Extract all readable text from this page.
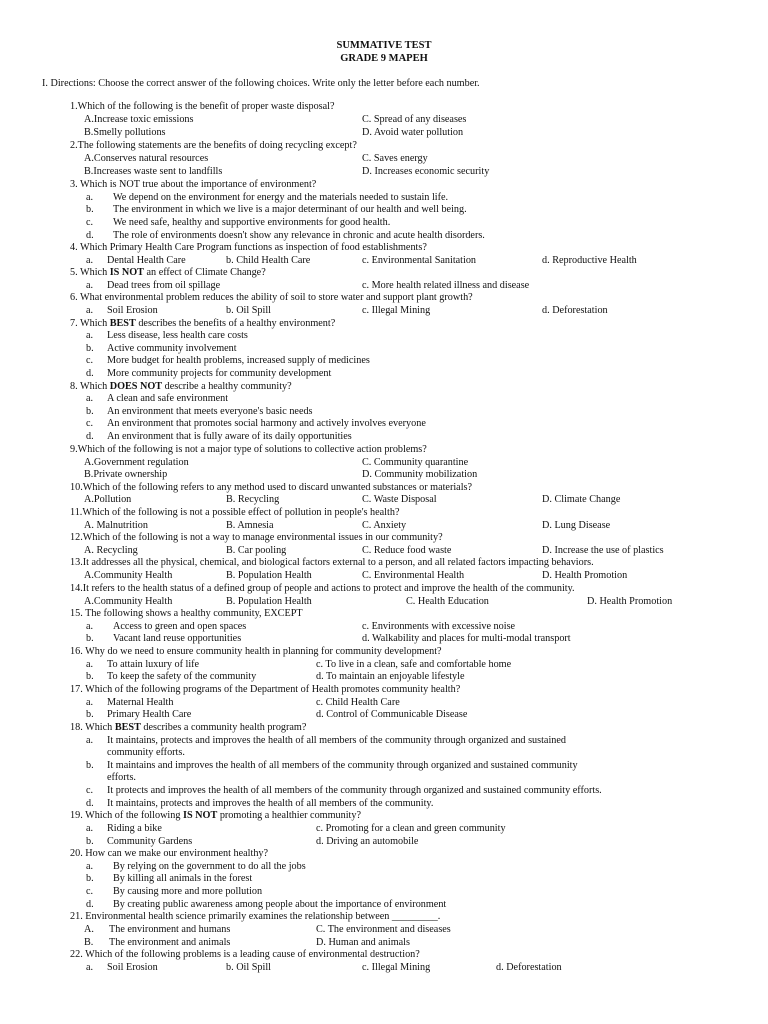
SUMMATIVE TEST
GRADE 9 MAPEH
I. Directions: Choose the correct answer of the following choices. Write only the letter before each number.
1.Which of the following is the benefit of proper waste disposal?
A.Increase toxic emissions	C. Spread of any diseases
B.Smelly pollutions	D. Avoid water pollution
2.The following statements are the benefits of doing recycling except?
A.Conserves natural resources	C. Saves energy
B.Increases waste sent to landfills	D. Increases economic security
3. Which is NOT true about the importance of environment?
a. We depend on the environment for energy and the materials needed to sustain life.
b. The environment in which we live is a major determinant of our health and well being.
c. We need safe, healthy and supportive environments for good health.
d. The role of environments doesn't show any relevance in chronic and acute health disorders.
4. Which Primary Health Care Program functions as inspection of food establishments?
a. Dental Health Care	b. Child Health Care	c. Environmental Sanitation	d. Reproductive Health
5. Which IS NOT an effect of Climate Change?
a. Dead trees from oil spillage	c. More health related illness and disease
6. What environmental problem reduces the ability of soil to store water and support plant growth?
a. Soil Erosion	b. Oil Spill	c. Illegal Mining	d. Deforestation
7. Which BEST describes the benefits of a healthy environment?
a. Less disease, less health care costs
b. Active community involvement
c. More budget for health problems, increased supply of medicines
d. More community projects for community development
8. Which DOES NOT describe a healthy community?
a. A clean and safe environment
b. An environment that meets everyone's basic needs
c. An environment that promotes social harmony and actively involves everyone
d. An environment that is fully aware of its daily opportunities
9.Which of the following is not a major type of solutions to collective action problems?
A.Government regulation	C. Community quarantine
B.Private ownership	D. Community mobilization
10.Which of the following refers to any method used to discard unwanted substances or materials?
A.Pollution	B. Recycling	C. Waste Disposal	D. Climate Change
11.Which of the following is not a possible effect of pollution in people's health?
A. Malnutrition	B. Amnesia	C. Anxiety	D. Lung Disease
12.Which of the following is not a way to manage environmental issues in our community?
A. Recycling	B. Car pooling	C. Reduce food waste	D. Increase the use of plastics
13.It addresses all the physical, chemical, and biological factors external to a person, and all related factors impacting behaviors.
A.Community Health	B. Population Health	C. Environmental Health	D. Health Promotion
14.It refers to the health status of a defined group of people and actions to protect and improve the health of the community.
A.Community Health	B. Population Health	C. Health Education	D. Health Promotion
15. The following shows a healthy community, EXCEPT
a. Access to green and open spaces	c. Environments with excessive noise
b. Vacant land reuse opportunities	d. Walkability and places for multi-modal transport
16. Why do we need to ensure community health in planning for community development?
a. To attain luxury of life	c. To live in a clean, safe and comfortable home
b. To keep the safety of the community	d. To maintain an enjoyable lifestyle
17. Which of the following programs of the Department of Health promotes community health?
a. Maternal Health	c. Child Health Care
b. Primary Health Care	d. Control of Communicable Disease
18. Which BEST describes a community health program?
a. It maintains, protects and improves the health of all members of the community through organized and sustained
community efforts.
b. It maintains and improves the health of all members of the community through organized and sustained community
efforts.
c. It protects and improves the health of all members of the community through organized and sustained community efforts.
d. It maintains, protects and improves the health of all members of the community.
19. Which of the following IS NOT promoting a healthier community?
a. Riding a bike	c. Promoting for a clean and green community
b. Community Gardens	d. Driving an automobile
20. How can we make our environment healthy?
a. By relying on the government to do all the jobs
b. By killing all animals in the forest
c. By causing more and more pollution
d. By creating public awareness among people about the importance of environment
21. Environmental health science primarily examines the relationship between _________.
A. The environment and humans	C. The environment and diseases
B. The environment and animals	D. Human and animals
22. Which of the following problems is a leading cause of environmental destruction?
a. Soil Erosion	b. Oil Spill	c. Illegal Mining	d. Deforestation
